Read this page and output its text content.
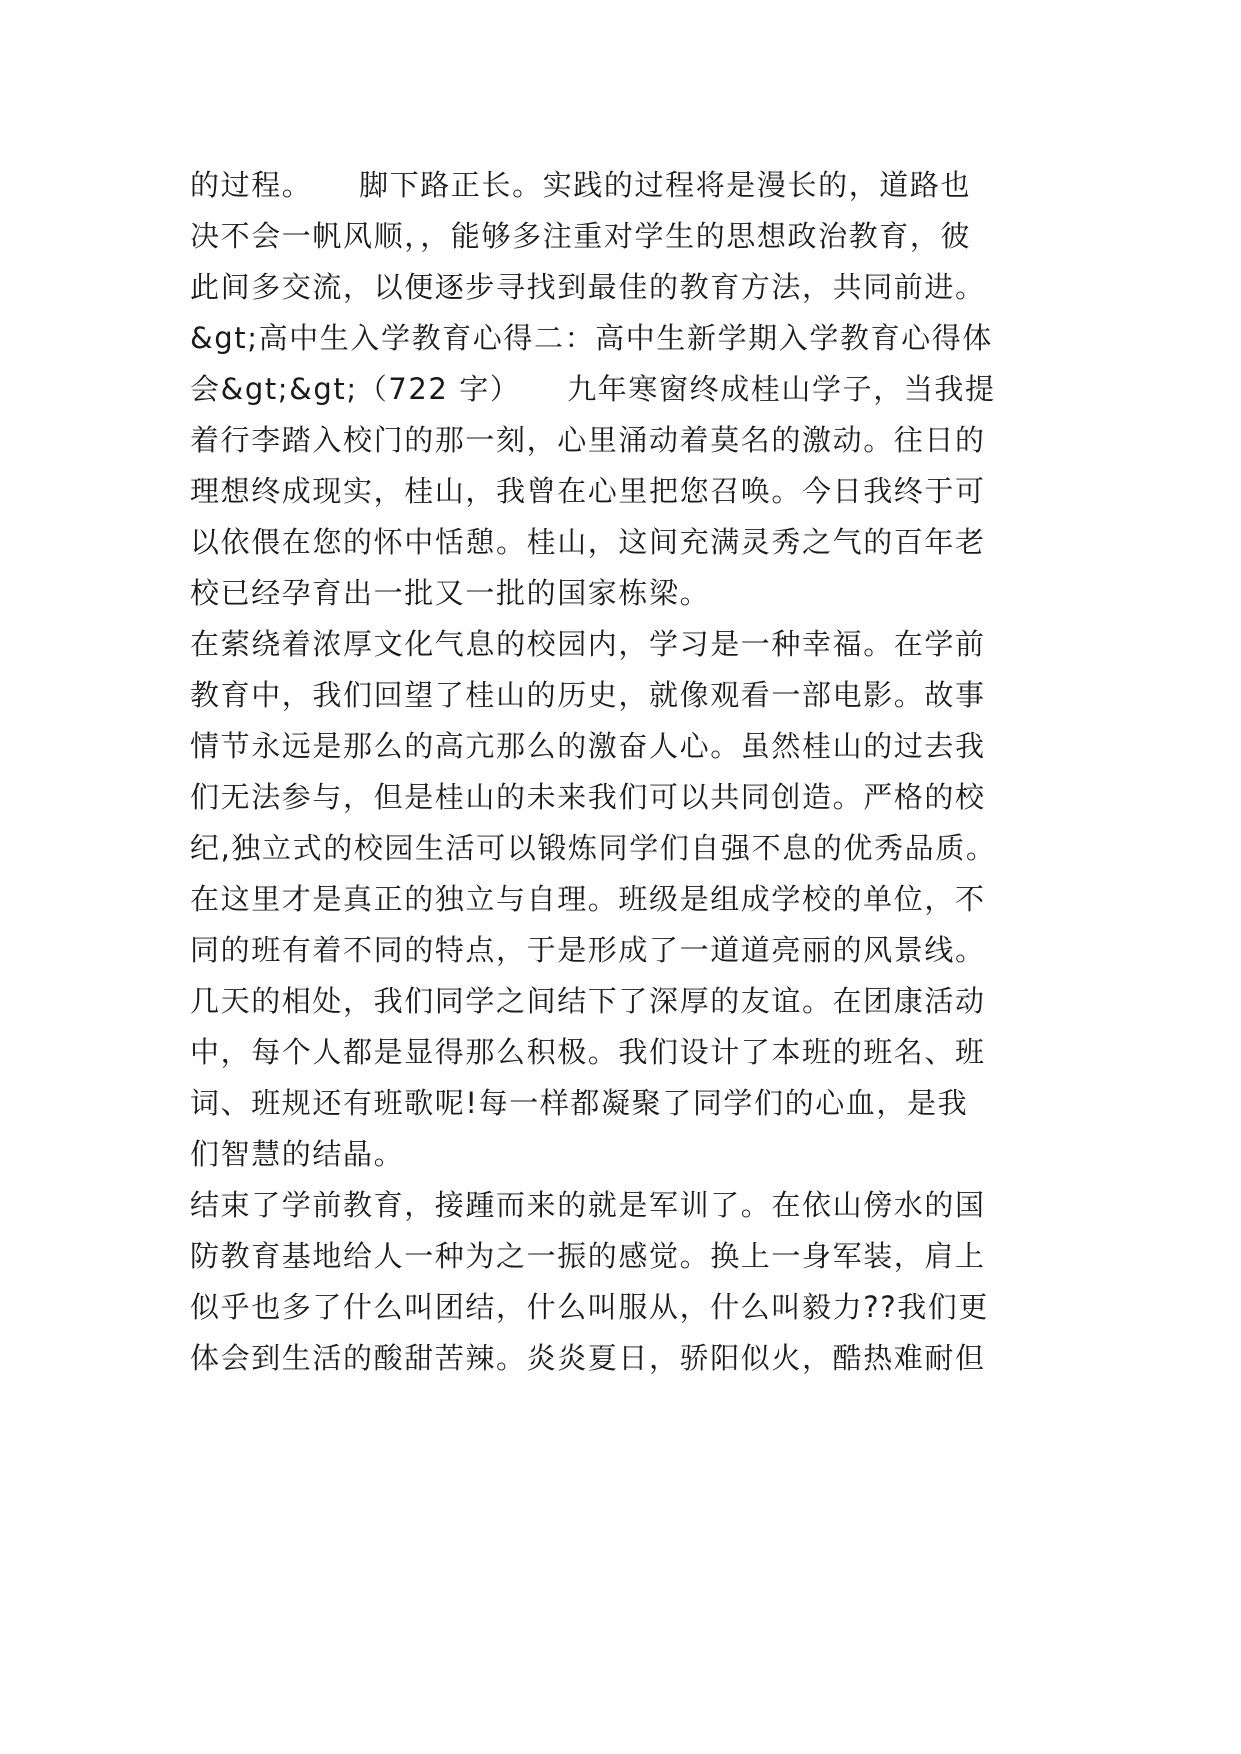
的过程。　　脚下路正长。实践的过程将是漫长的，道路也
决不会一帆风顺，，能够多注重对学生的思想政治教育，彼
此间多交流，以便逐步寻找到最佳的教育方法，共同前进。
&gt;高中生入学教育心得二：高中生新学期入学教育心得体
会&gt;&gt;（722 字）　　九年寒窗终成桂山学子，当我提
着行李踏入校门的那一刻，心里涌动着莫名的激动。往日的
理想终成现实，桂山，我曾在心里把您召唤。今日我终于可
以依偎在您的怀中恬憩。桂山，这间充满灵秀之气的百年老
校已经孕育出一批又一批的国家栋梁。
在萦绕着浓厚文化气息的校园内，学习是一种幸福。在学前
教育中，我们回望了桂山的历史，就像观看一部电影。故事
情节永远是那么的高亢那么的激奋人心。虽然桂山的过去我
们无法参与，但是桂山的未来我们可以共同创造。严格的校
纪,独立式的校园生活可以锻炼同学们自强不息的优秀品质。
在这里才是真正的独立与自理。班级是组成学校的单位，不
同的班有着不同的特点，于是形成了一道道亮丽的风景线。
几天的相处，我们同学之间结下了深厚的友谊。在团康活动
中，每个人都是显得那么积极。我们设计了本班的班名、班
词、班规还有班歌呢!每一样都凝聚了同学们的心血，是我
们智慧的结晶。
结束了学前教育，接踵而来的就是军训了。在依山傍水的国
防教育基地给人一种为之一振的感觉。换上一身军装，肩上
似乎也多了什么叫团结，什么叫服从，什么叫毅力??我们更
体会到生活的酸甜苦辣。炎炎夏日，骄阳似火，酷热难耐但
